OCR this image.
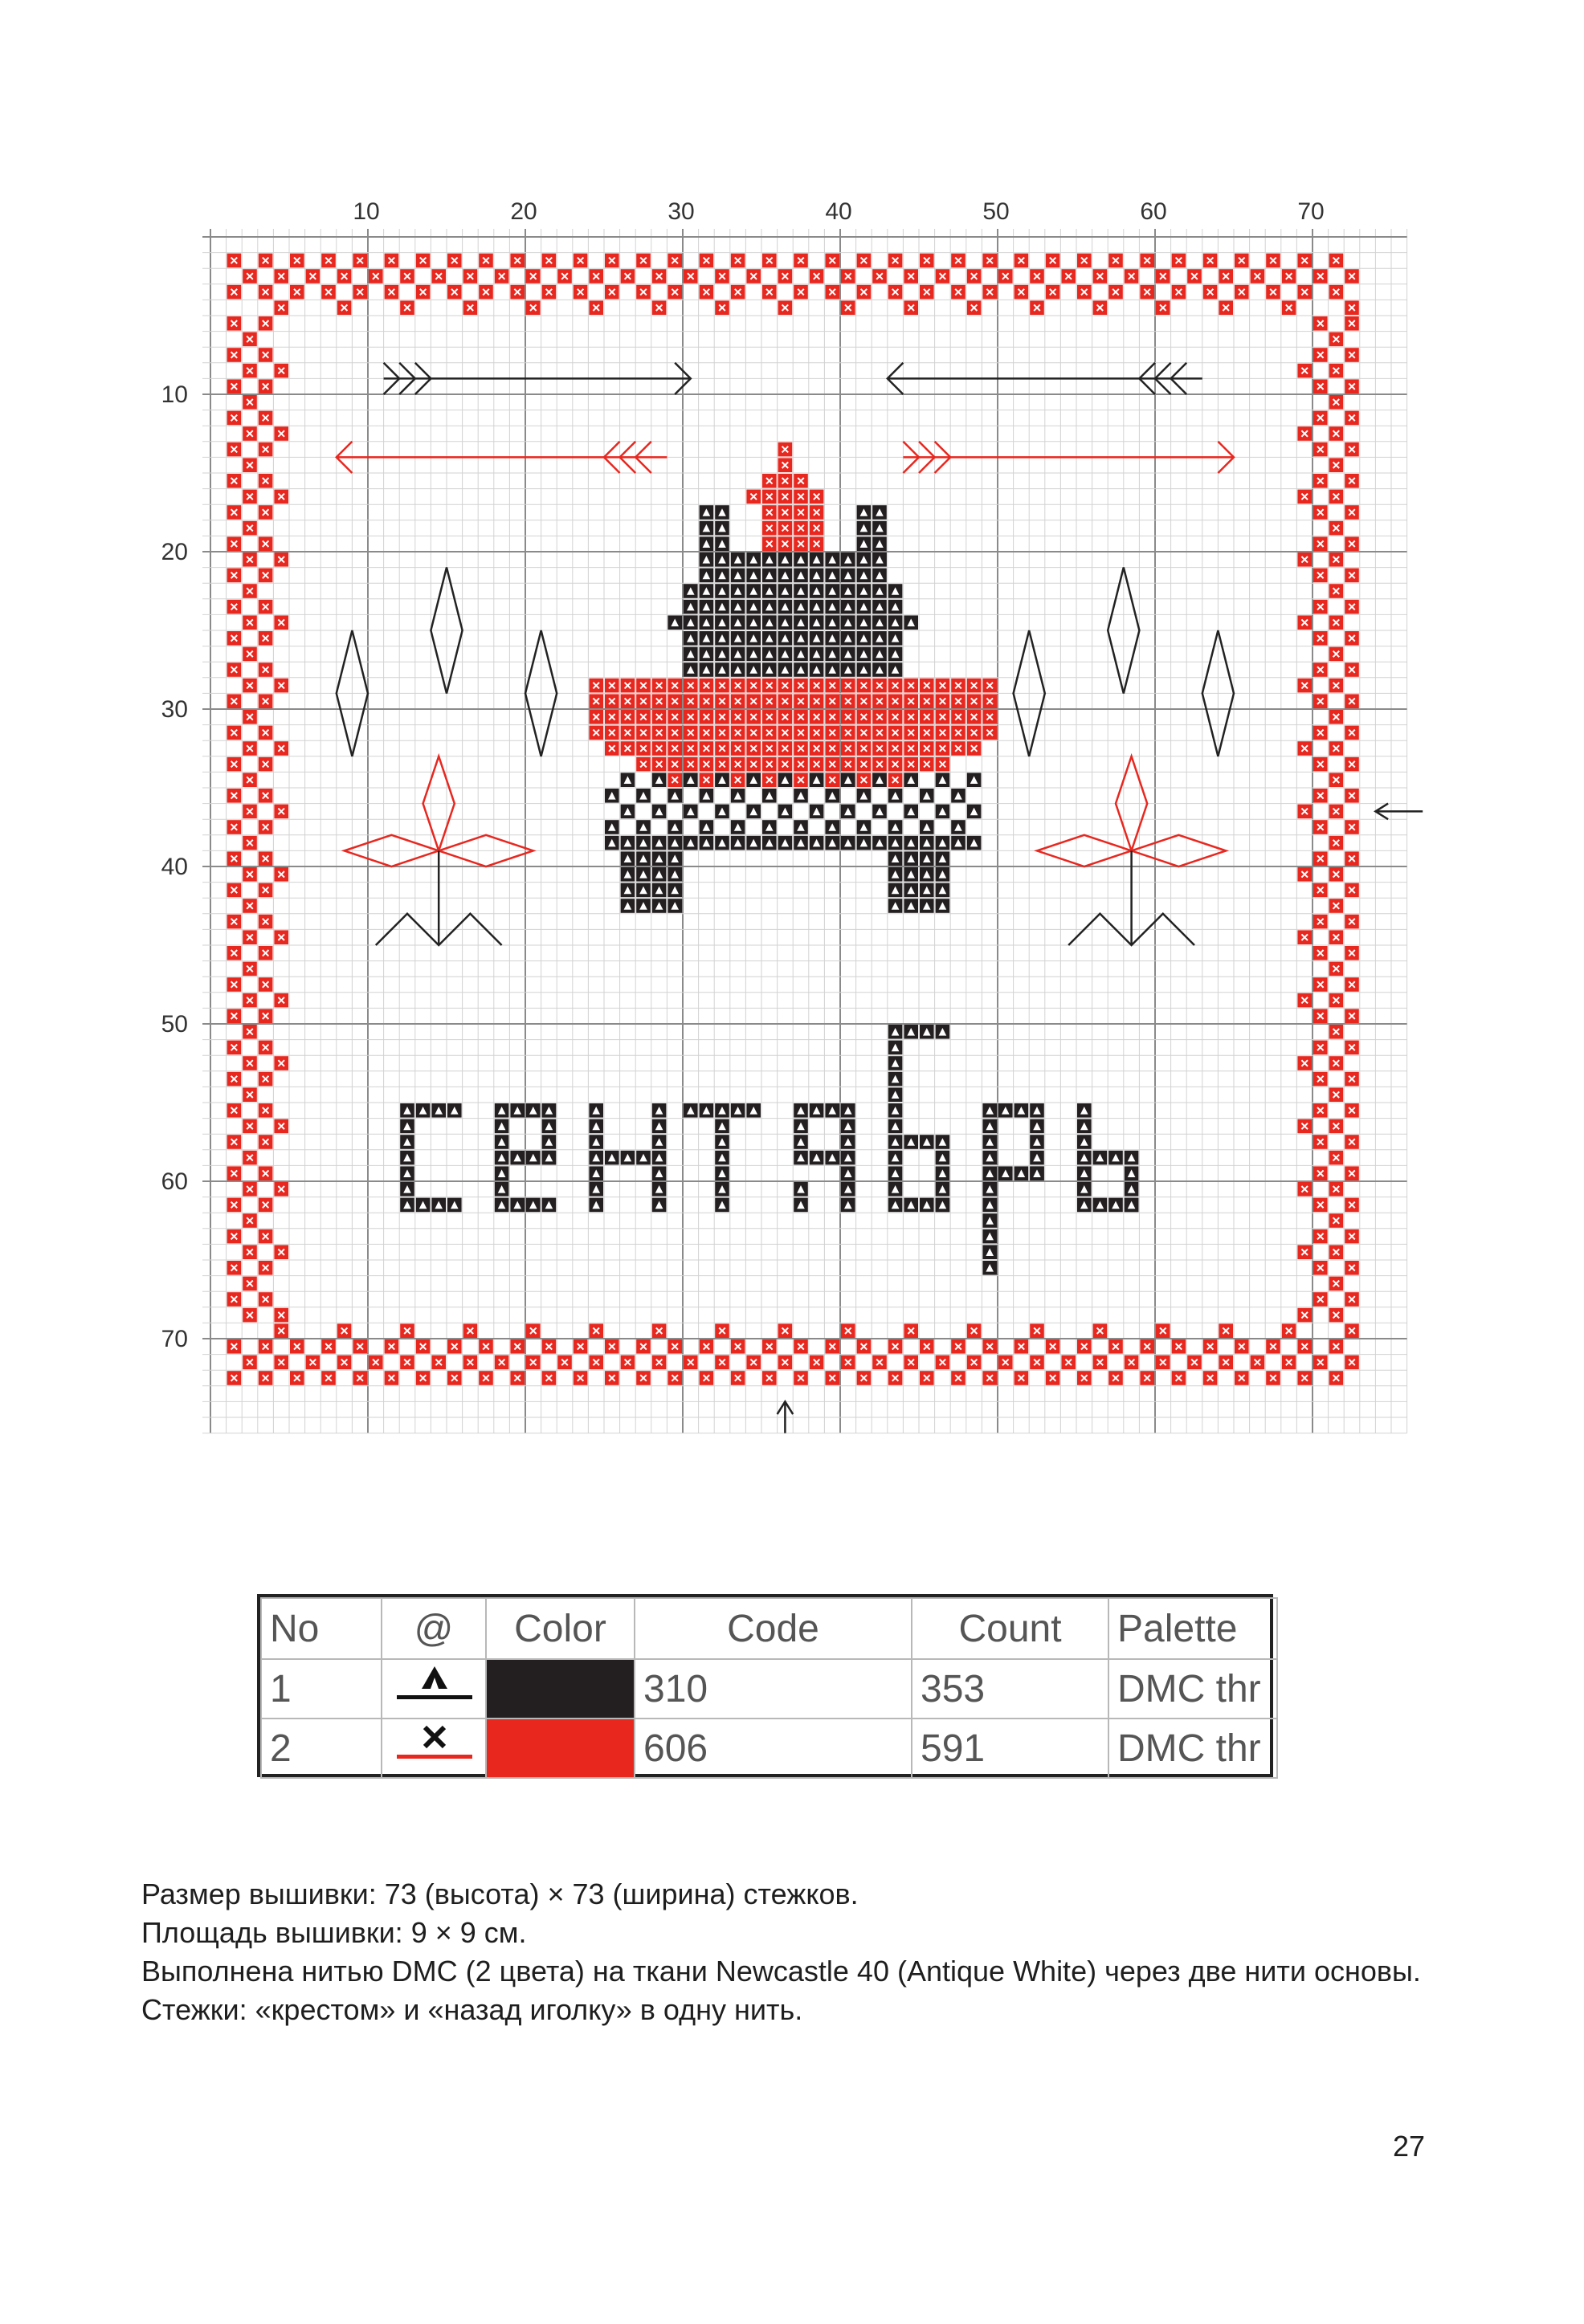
10	20	30	40	50	60	70
10
20
30
40
50
60
70
No	@	Color	Code	Count	Palette
1			310	353	DMC thr
2			606	591	DMC thr

Размер вышивки: 73 (высота) × 73 (ширина) стежков.

Площадь вышивки: 9 × 9 см.

Выполнена нитью DMC (2 цвета) на ткани Newcastle 40 (Antique White) через две нити основы.

Стежки: «крестом» и «назад иголку» в одну нить.

27
